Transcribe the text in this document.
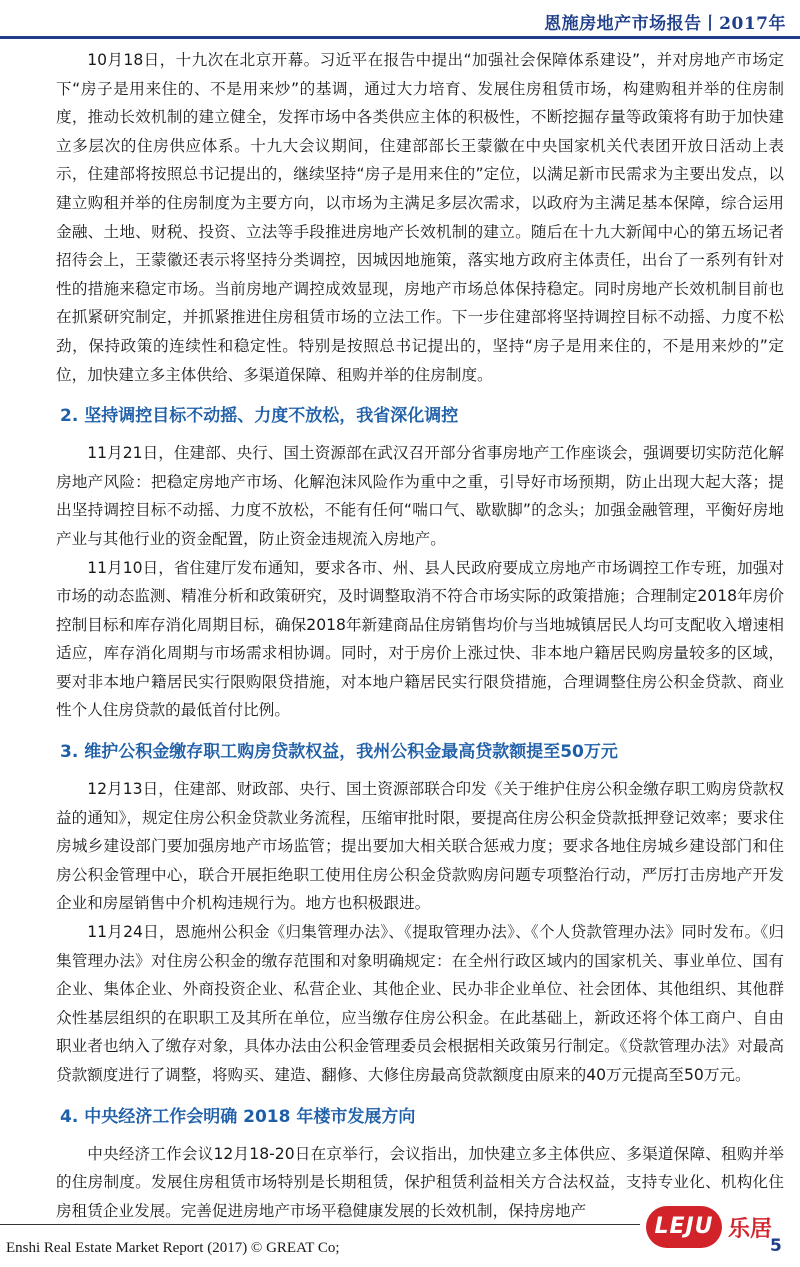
恩施房地产市场报告丨2017年

10月18日，十九次在北京开幕。习近平在报告中提出“加强社会保障体系建设”，并对房地产市场定下“房子是用来住的、不是用来炒”的基调，通过大力培育、发展住房租赁市场，构建购租并举的住房制度，推动长效机制的建立健全，发挥市场中各类供应主体的积极性，不断挖掘存量等政策将有助于加快建立多层次的住房供应体系。十九大会议期间，住建部部长王蒙徽在中央国家机关代表团开放日活动上表示，住建部将按照总书记提出的，继续坚持“房子是用来住的”定位，以满足新市民需求为主要出发点，以建立购租并举的住房制度为主要方向，以市场为主满足多层次需求，以政府为主满足基本保障，综合运用金融、土地、财税、投资、立法等手段推进房地产长效机制的建立。随后在十九大新闻中心的第五场记者招待会上，王蒙徽还表示将坚持分类调控，因城因地施策，落实地方政府主体责任，出台了一系列有针对性的措施来稳定市场。当前房地产调控成效显现，房地产市场总体保持稳定。同时房地产长效机制目前也在抓紧研究制定，并抓紧推进住房租赁市场的立法工作。下一步住建部将坚持调控目标不动摇、力度不松劲，保持政策的连续性和稳定性。特别是按照总书记提出的，坚持“房子是用来住的，不是用来炒的”定位，加快建立多主体供给、多渠道保障、租购并举的住房制度。

2. 坚持调控目标不动摇、力度不放松，我省深化调控

11月21日，住建部、央行、国土资源部在武汉召开部分省事房地产工作座谈会，强调要切实防范化解房地产风险：把稳定房地产市场、化解泡沫风险作为重中之重，引导好市场预期，防止出现大起大落；提出坚持调控目标不动摇、力度不放松，不能有任何“喘口气、歇歇脚”的念头；加强金融管理，平衡好房地产业与其他行业的资金配置，防止资金违规流入房地产。

11月10日，省住建厅发布通知，要求各市、州、县人民政府要成立房地产市场调控工作专班，加强对市场的动态监测、精准分析和政策研究，及时调整取消不符合市场实际的政策措施；合理制定2018年房价控制目标和库存消化周期目标，确保2018年新建商品住房销售均价与当地城镇居民人均可支配收入增速相适应，库存消化周期与市场需求相协调。同时，对于房价上涨过快、非本地户籍居民购房量较多的区域，要对非本地户籍居民实行限购限贷措施，对本地户籍居民实行限贷措施，合理调整住房公积金贷款、商业性个人住房贷款的最低首付比例。

3. 维护公积金缴存职工购房贷款权益，我州公积金最高贷款额提至50万元

12月13日，住建部、财政部、央行、国土资源部联合印发《关于维护住房公积金缴存职工购房贷款权益的通知》，规定住房公积金贷款业务流程，压缩审批时限，要提高住房公积金贷款抵押登记效率；要求住房城乡建设部门要加强房地产市场监管；提出要加大相关联合惩戒力度；要求各地住房城乡建设部门和住房公积金管理中心，联合开展拒绝职工使用住房公积金贷款购房问题专项整治行动，严厉打击房地产开发企业和房屋销售中介机构违规行为。地方也积极跟进。

11月24日，恩施州公积金《归集管理办法》、《提取管理办法》、《个人贷款管理办法》同时发布。《归集管理办法》对住房公积金的缴存范围和对象明确规定：在全州行政区域内的国家机关、事业单位、国有企业、集体企业、外商投资企业、私营企业、其他企业、民办非企业单位、社会团体、其他组织、其他群众性基层组织的在职职工及其所在单位，应当缴存住房公积金。在此基础上，新政还将个体工商户、自由职业者也纳入了缴存对象，具体办法由公积金管理委员会根据相关政策另行制定。《贷款管理办法》对最高贷款额度进行了调整，将购买、建造、翻修、大修住房最高贷款额度由原来的40万元提高至50万元。

4. 中央经济工作会明确 2018 年楼市发展方向

中央经济工作会议12月18-20日在京举行，会议指出，加快建立多主体供应、多渠道保障、租购并举的住房制度。发展住房租赁市场特别是长期租赁，保护租赁利益相关方合法权益，支持专业化、机构化住房租赁企业发展。完善促进房地产市场平稳健康发展的长效机制，保持房地产

Enshi Real Estate Market Report (2017) © GREAT Co;
LEJU 乐居
5
